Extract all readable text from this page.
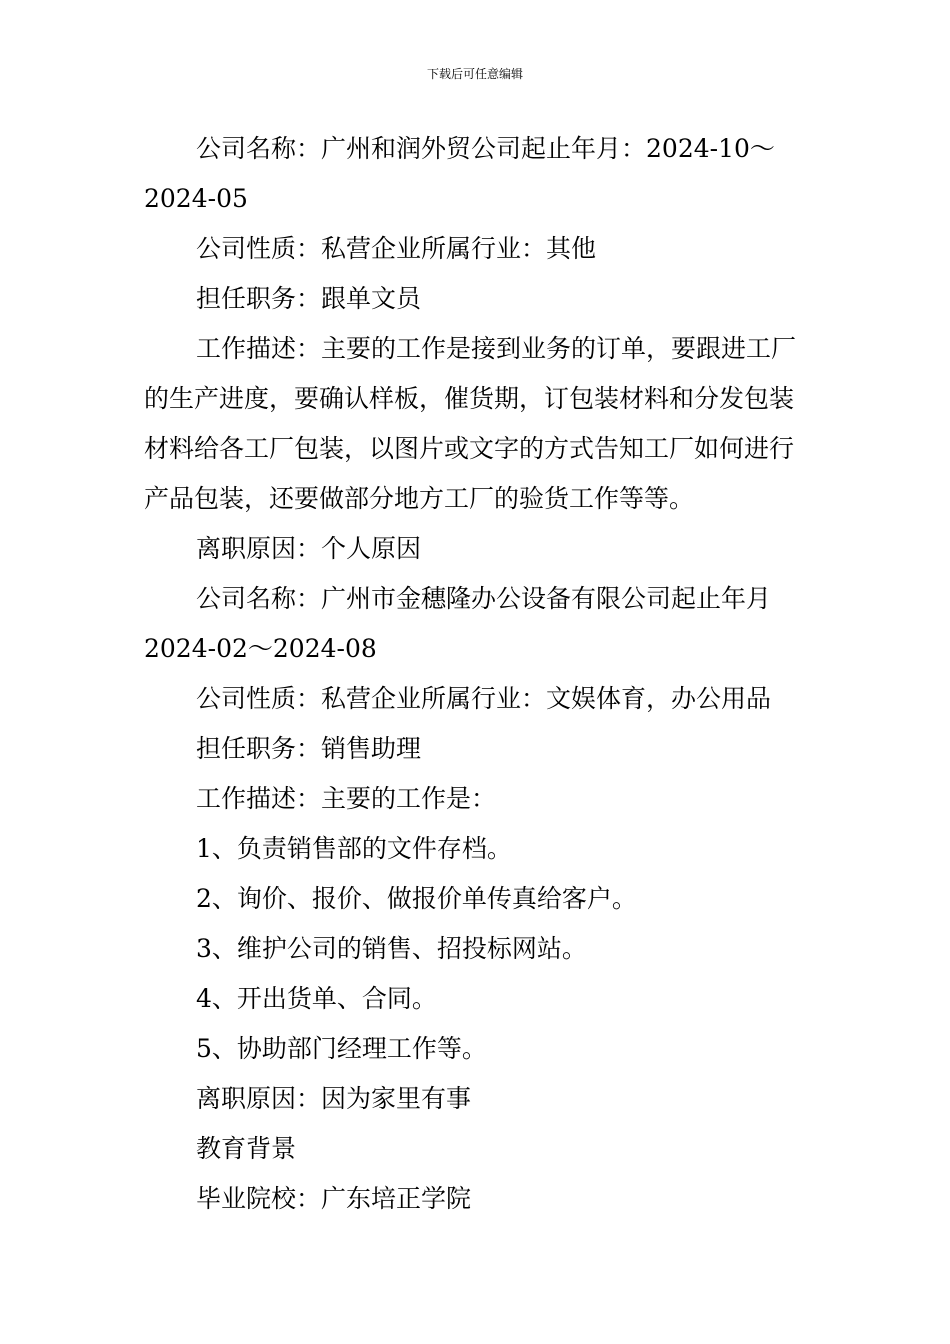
下载后可任意编辑

公司名称：广州和润外贸公司起止年月：2024-10～

2024-05

公司性质：私营企业所属行业：其他

担任职务：跟单文员

工作描述：主要的工作是接到业务的订单，要跟进工厂的生产进度，要确认样板，催货期，订包装材料和分发包装材料给各工厂包装，以图片或文字的方式告知工厂如何进行产品包装，还要做部分地方工厂的验货工作等等。

离职原因：个人原因

公司名称：广州市金穗隆办公设备有限公司起止年月

2024-02～2024-08

公司性质：私营企业所属行业：文娱体育，办公用品

担任职务：销售助理

工作描述：主要的工作是：

1、负责销售部的文件存档。

2、询价、报价、做报价单传真给客户。

3、维护公司的销售、招投标网站。

4、开出货单、合同。

5、协助部门经理工作等。

离职原因：因为家里有事

教育背景

毕业院校：广东培正学院
